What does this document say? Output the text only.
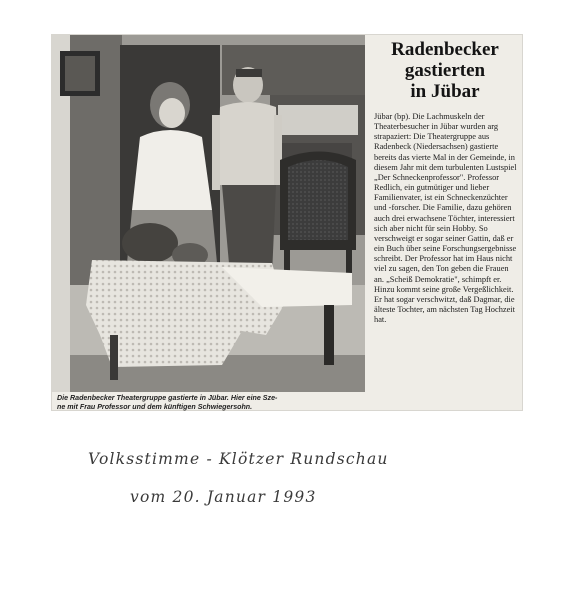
Die Radenbecker Theatergruppe gastierte in Jübar. Hier eine Sze-
ne mit Frau Professor und dem künftigen Schwiegersohn.
Radenbecker
gastierten
in Jübar

Jübar (bp). Die Lachmuskeln der Theaterbesucher in Jübar wurden arg strapaziert: Die Theatergruppe aus Radenbeck (Niedersachsen) gastierte bereits das vierte Mal in der Gemeinde, in diesem Jahr mit dem turbulenten Lustspiel „Der Schneckenprofessor". Professor Redlich, ein gutmütiger und lieber Familienvater, ist ein Schneckenzüchter und -forscher. Die Familie, dazu gehören auch drei erwachsene Töchter, interessiert sich aber nicht für sein Hobby. So verschweigt er sogar seiner Gattin, daß er ein Buch über seine Forschungsergebnisse schreibt. Der Professor hat im Haus nicht viel zu sagen, den Ton geben die Frauen an. „Scheiß Demokratie", schimpft er. Hinzu kommt seine große Vergeßlichkeit. Er hat sogar verschwitzt, daß Dagmar, die älteste Tochter, am nächsten Tag Hochzeit hat.

Volksstimme - Klötzer Rundschau
vom 20. Januar 1993
